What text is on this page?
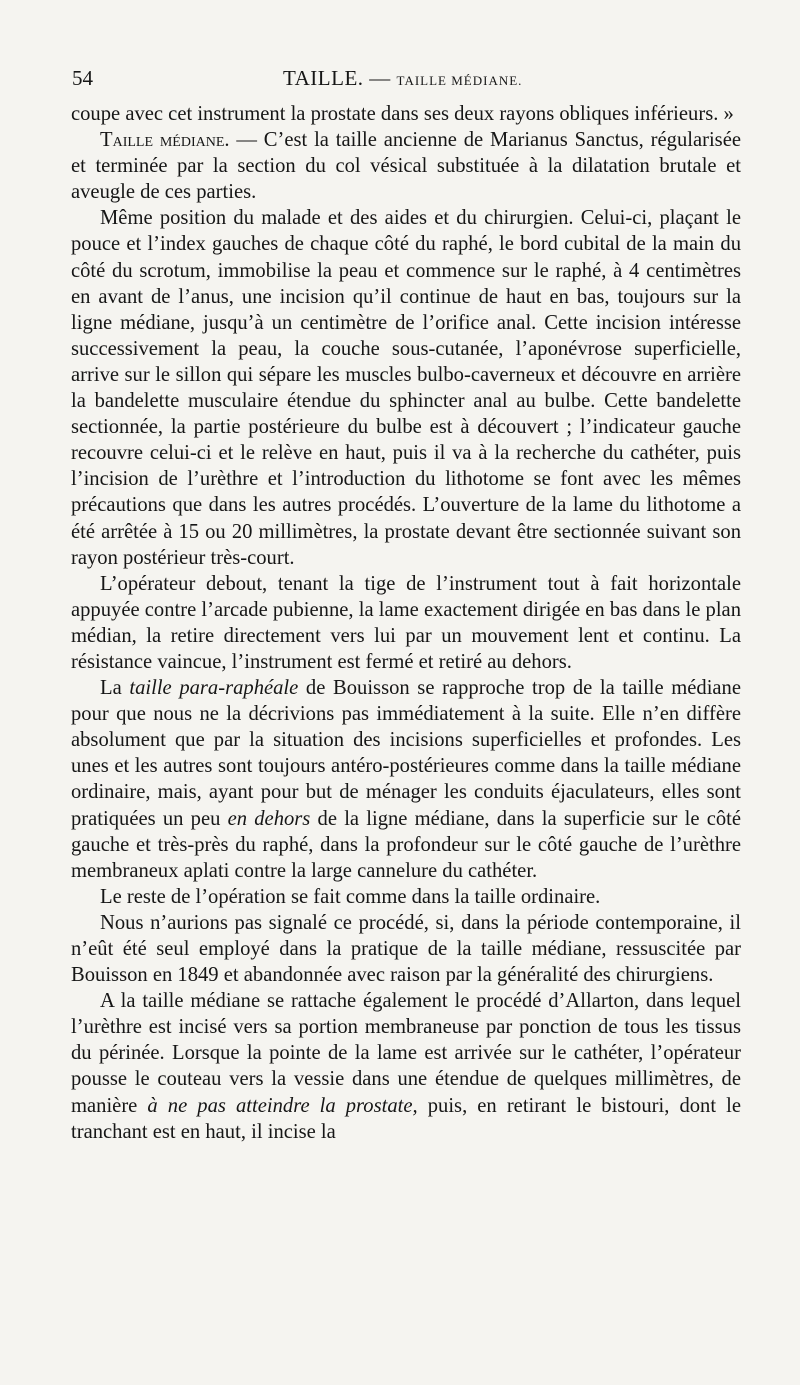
54	TAILLE. — TAILLE MÉDIANE.

coupe avec cet instrument la prostate dans ses deux rayons obliques inférieurs. »

Taille médiane. — C’est la taille ancienne de Marianus Sanctus, régularisée et terminée par la section du col vésical substituée à la dilatation brutale et aveugle de ces parties.

Même position du malade et des aides et du chirurgien. Celui-ci, plaçant le pouce et l’index gauches de chaque côté du raphé, le bord cubital de la main du côté du scrotum, immobilise la peau et commence sur le raphé, à 4 centimètres en avant de l’anus, une incision qu’il continue de haut en bas, toujours sur la ligne médiane, jusqu’à un centimètre de l’orifice anal. Cette incision intéresse successivement la peau, la couche sous-cutanée, l’aponévrose superficielle, arrive sur le sillon qui sépare les muscles bulbo-caverneux et découvre en arrière la bandelette musculaire étendue du sphincter anal au bulbe. Cette bandelette sectionnée, la partie postérieure du bulbe est à découvert ; l’indicateur gauche recouvre celui-ci et le relève en haut, puis il va à la recherche du cathéter, puis l’incision de l’urèthre et l’introduction du lithotome se font avec les mêmes précautions que dans les autres procédés. L’ouverture de la lame du lithotome a été arrêtée à 15 ou 20 millimètres, la prostate devant être sectionnée suivant son rayon postérieur très-court.

L’opérateur debout, tenant la tige de l’instrument tout à fait horizontale appuyée contre l’arcade pubienne, la lame exactement dirigée en bas dans le plan médian, la retire directement vers lui par un mouvement lent et continu. La résistance vaincue, l’instrument est fermé et retiré au dehors.

La taille para-raphéale de Bouisson se rapproche trop de la taille médiane pour que nous ne la décrivions pas immédiatement à la suite. Elle n’en diffère absolument que par la situation des incisions superficielles et profondes. Les unes et les autres sont toujours antéro-postérieures comme dans la taille médiane ordinaire, mais, ayant pour but de ménager les conduits éjaculateurs, elles sont pratiquées un peu en dehors de la ligne médiane, dans la superficie sur le côté gauche et très-près du raphé, dans la profondeur sur le côté gauche de l’urèthre membraneux aplati contre la large cannelure du cathéter.

Le reste de l’opération se fait comme dans la taille ordinaire.

Nous n’aurions pas signalé ce procédé, si, dans la période contemporaine, il n’eût été seul employé dans la pratique de la taille médiane, ressuscitée par Bouisson en 1849 et abandonnée avec raison par la généralité des chirurgiens.

A la taille médiane se rattache également le procédé d’Allarton, dans lequel l’urèthre est incisé vers sa portion membraneuse par ponction de tous les tissus du périnée. Lorsque la pointe de la lame est arrivée sur le cathéter, l’opérateur pousse le couteau vers la vessie dans une étendue de quelques millimètres, de manière à ne pas atteindre la prostate, puis, en retirant le bistouri, dont le tranchant est en haut, il incise la
